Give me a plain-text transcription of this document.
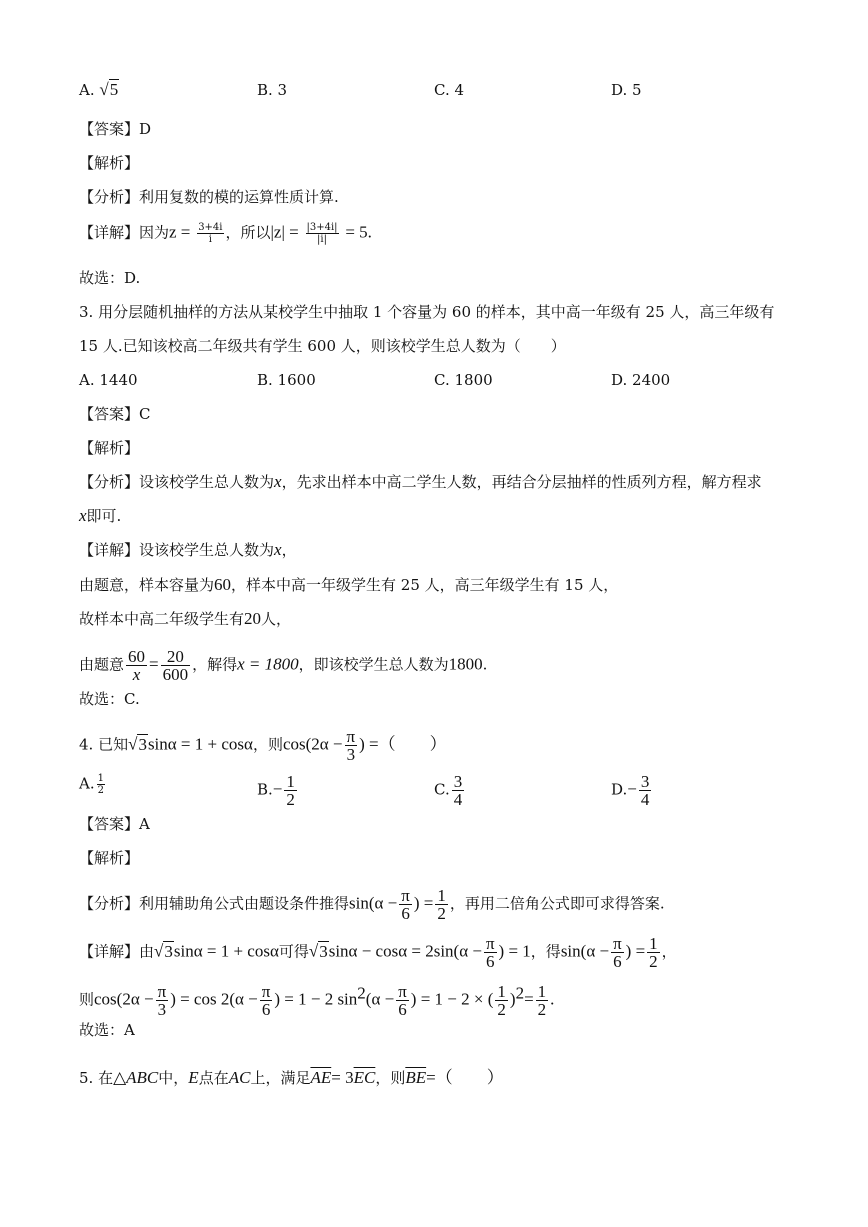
A. √5	B. 3	C. 4	D. 5
【答案】D
【解析】
【分析】利用复数的模的运算性质计算.
【详解】因为$z = \frac{3+4i}{i}$ ，所以$|z| = \frac{|3+4i|}{|i|} = 5$.
故选：D.
3. 用分层随机抽样的方法从某校学生中抽取 1 个容量为 60 的样本，其中高一年级有 25 人，高三年级有
15 人.已知该校高二年级共有学生 600 人，则该校学生总人数为（　　）
A. 1440	B. 1600	C. 1800	D. 2400
【答案】C
【解析】
【分析】设该校学生总人数为x，先求出样本中高二学生人数，再结合分层抽样的性质列方程，解方程求
x即可.
【详解】设该校学生总人数为x，
由题意，样本容量为60，样本中高一年级学生有 25 人，高三年级学生有 15 人，
故样本中高二年级学生有20人，
由题意 $\frac{60}{x} = \frac{20}{600}$ ，解得x = 1800，即该校学生总人数为1800.
故选：C.
4. 已知√3sinα = 1 + cosα，则$\cos(2\alpha - \frac{\pi}{3}$ ) =（　　）
A. $\frac{1}{2}$	$B.- \frac{1}{2}$	C. $\frac{3}{4}$	$D.- \frac{3}{4}$
【答案】A
【解析】
【分析】利用辅助角公式由题设条件推得$\sin(\alpha - \frac{\pi}{6}$ ) = $\frac{1}{2}$ ，再用二倍角公式即可求得答案.
【详解】由√3sinα = 1 + cosα可得$√3\sin\alpha - \cos\alpha = 2\sin(\alpha - \frac{\pi}{6}$ ) = 1，得$\sin(\alpha - \frac{\pi}{6}$ ) = $\frac{1}{2}$ ，
则$\cos(2\alpha - \frac{\pi}{3}$ ) = $\cos 2(\alpha - \frac{\pi}{6}$ ) = 1 − 2 $\sin^2(\alpha - \frac{\pi}{6}$ ) = 1 − 2 × ( $\frac{1}{2} )^2= \frac{1}{2}$ .
故选：A
5. 在△ABC中，E点在AC上，满足$\overline{AE}= 3\overline{EC}$，则$\overline{BE}=$（　　）
